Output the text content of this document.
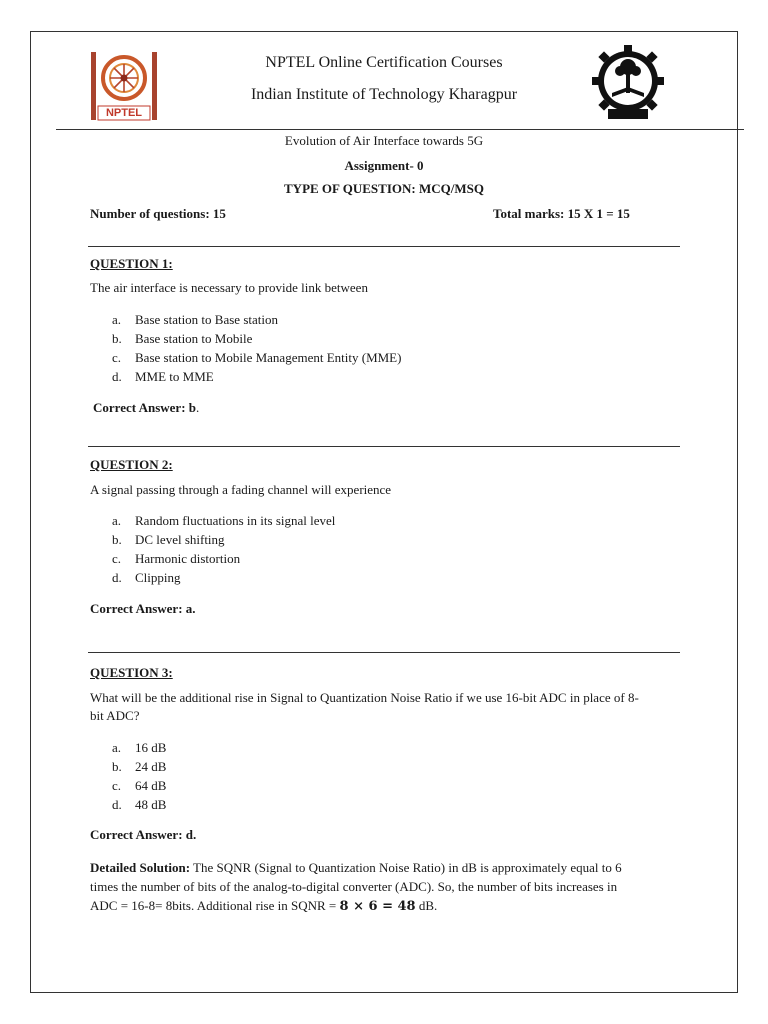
NPTEL
NPTEL Online Certification Courses
Indian Institute of Technology Kharagpur
Evolution of Air Interface towards 5G
Assignment- 0
TYPE OF QUESTION: MCQ/MSQ
Number of questions: 15	Total marks: 15 X 1 = 15
QUESTION 1:
The air interface is necessary to provide link between
a. Base station to Base station
b. Base station to Mobile
c. Base station to Mobile Management Entity (MME)
d. MME to MME
Correct Answer: b.
QUESTION 2:
A signal passing through a fading channel will experience
a. Random fluctuations in its signal level
b. DC level shifting
c. Harmonic distortion
d. Clipping
Correct Answer: a.
QUESTION 3:
What will be the additional rise in Signal to Quantization Noise Ratio if we use 16-bit ADC in place of 8-
bit ADC?
a. 16 dB
b. 24 dB
c. 64 dB
d. 48 dB
Correct Answer: d.
Detailed Solution: The SQNR (Signal to Quantization Noise Ratio) in dB is approximately equal to 6
times the number of bits of the analog-to-digital converter (ADC). So, the number of bits increases in
ADC = 16-8= 8bits. Additional rise in SQNR = 8 × 6 = 48 dB.
